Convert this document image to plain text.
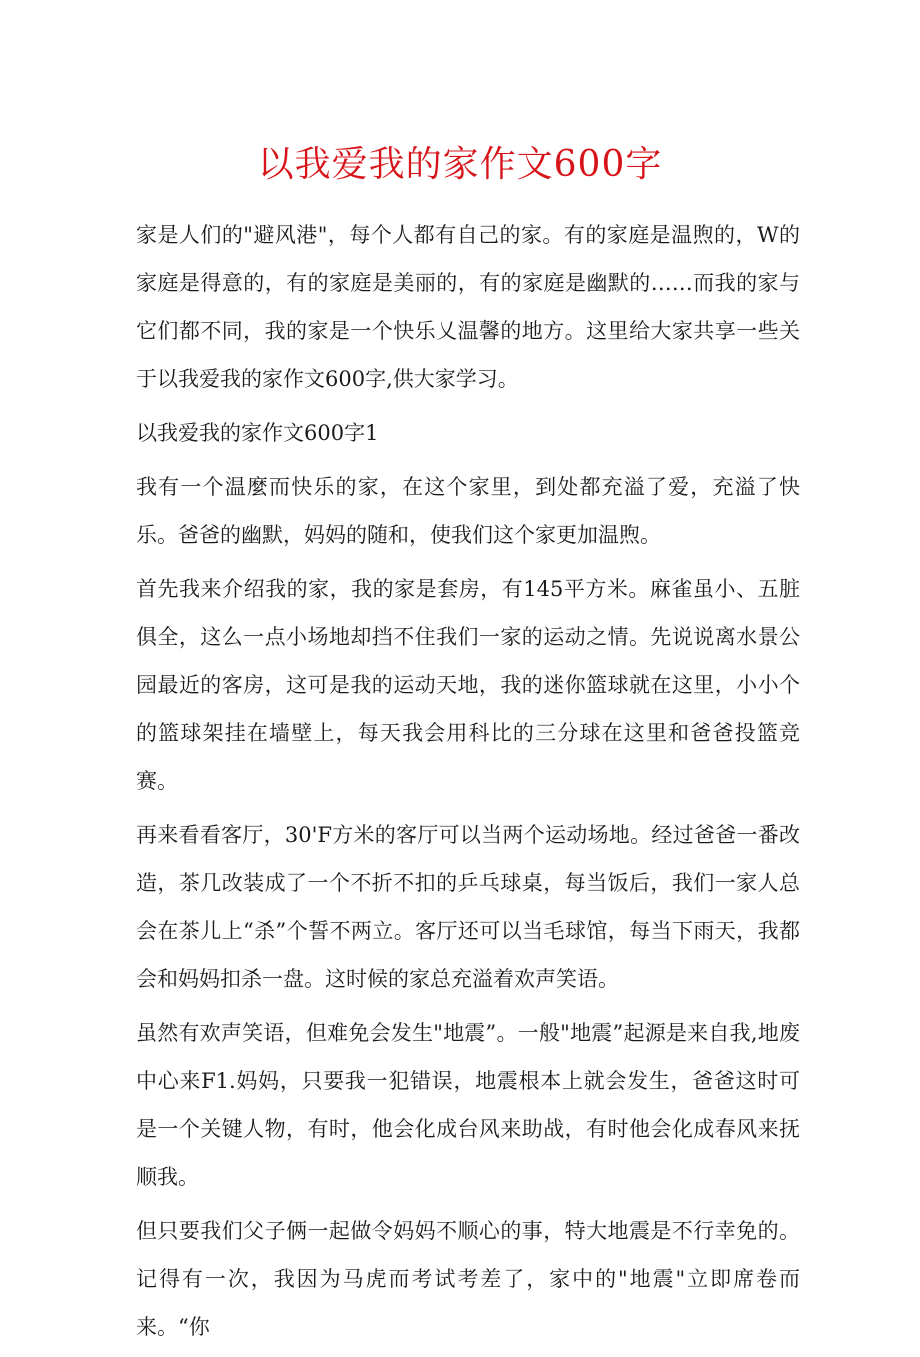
以我爱我的家作文600字

家是人们的"避风港"，每个人都有自己的家。有的家庭是温煦的，W的家庭是得意的，有的家庭是美丽的，有的家庭是幽默的……而我的家与它们都不同，我的家是一个快乐乂温馨的地方。这里给大家共享一些关于以我爱我的家作文600字,供大家学习。

以我爱我的家作文600字1

我有一个温麼而快乐的家，在这个家里，到处都充溢了爱，充溢了快乐。爸爸的幽默，妈妈的随和，使我们这个家更加温煦。

首先我来介绍我的家，我的家是套房，有145平方米。麻雀虽小、五脏俱全，这么一点小场地却挡不住我们一家的运动之情。先说说离水景公园最近的客房，这可是我的运动天地，我的迷你篮球就在这里，小小个的篮球架挂在墙壁上，每天我会用科比的三分球在这里和爸爸投篮竞赛。

再来看看客厅，30'F方米的客厅可以当两个运动场地。经过爸爸一番改造，茶几改装成了一个不折不扣的乒乓球桌，每当饭后，我们一家人总会在茶儿上“杀”个誓不两立。客厅还可以当毛球馆，每当下雨天，我都会和妈妈扣杀一盘。这时候的家总充溢着欢声笑语。

虽然有欢声笑语，但难免会发生"地震”。一般"地震”起源是来自我,地废中心来F1.妈妈，只要我一犯错误，地震根本上就会发生，爸爸这时可是一个关键人物，有时，他会化成台风来助战，有时他会化成春风来抚顺我。

但只要我们父子俩一起做令妈妈不顺心的事，特大地震是不行幸免的。记得有一次，我因为马虎而考试考差了，家中的"地震"立即席卷而来。“你
